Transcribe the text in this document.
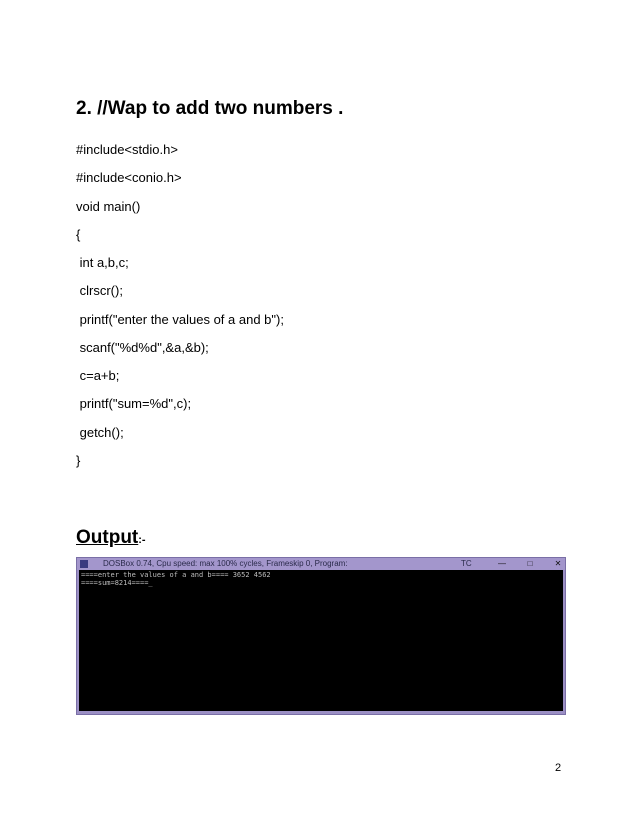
2. //Wap to add two numbers .
#include<stdio.h>
#include<conio.h>
void main()
{
int a,b,c;
clrscr();
printf("enter the values of a and b");
scanf("%d%d",&a,&b);
c=a+b;
printf("sum=%d",c);
getch();
}
Output:-
DOSBox 0.74, Cpu speed: max 100% cycles, Frameskip 0, Program:	TC	—	□	✕
====enter the values of a and b==== 3652 4562
====sum=8214====_
2
